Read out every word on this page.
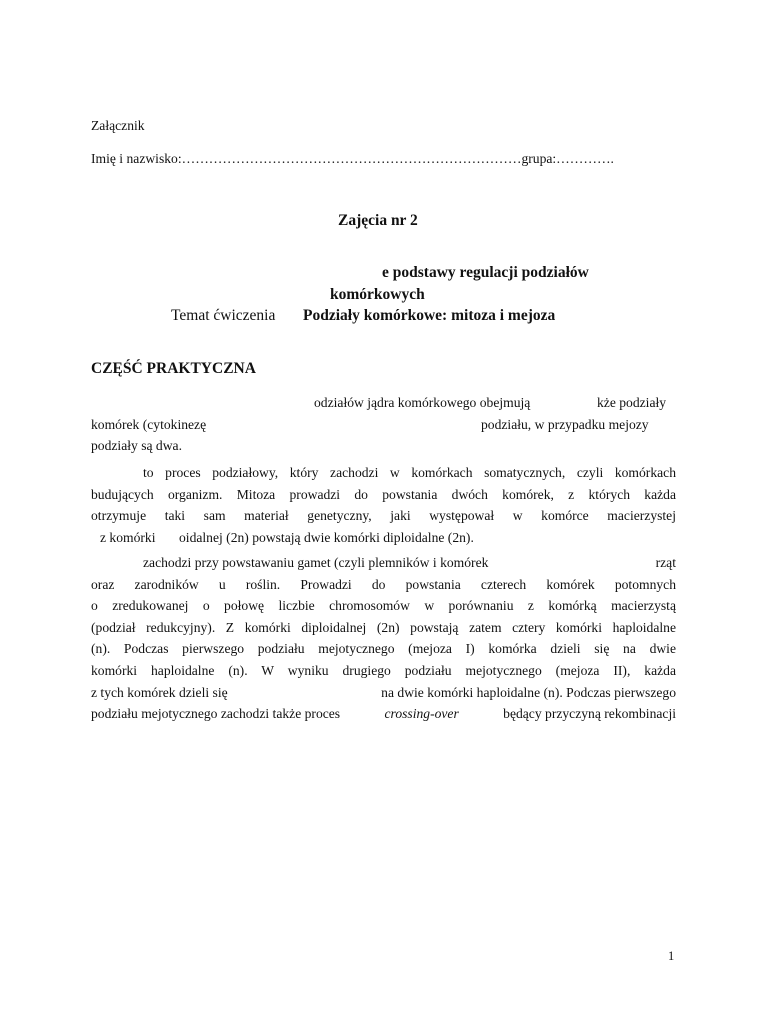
Załącznik
Imię i nazwisko:…………………………………………………………………grupa:………….
Zajęcia nr 2
e podstawy regulacji podziałów
komórkowych
Temat ćwiczenia Podziały komórkowe: mitoza i mejoza
CZĘŚĆ PRAKTYCZNA
odziałów jądra komórkowego obejmują	kże podziały
komórek (cytokinezę	podziału, w przypadku mejozy
podziały są dwa.
to proces podziałowy, który zachodzi w komórkach somatycznych, czyli komórkach
budujących organizm. Mitoza prowadzi do powstania dwóch komórek, z których każda
otrzymuje taki sam materiał genetyczny, jaki występował w komórce macierzystej
z komórki oidalnej (2n) powstają dwie komórki diploidalne (2n).
zachodzi przy powstawaniu gamet (czyli plemników i komórek	rząt
oraz zarodników u roślin. Prowadzi do powstania czterech komórek potomnych
o zredukowanej o połowę liczbie chromosomów w porównaniu z komórką macierzystą
(podział redukcyjny). Z komórki diploidalnej (2n) powstają zatem cztery komórki haploidalne
(n). Podczas pierwszego podziału mejotycznego (mejoza I) komórka dzieli się na dwie
komórki haploidalne (n). W wyniku drugiego podziału mejotycznego (mejoza II), każda
z tych komórek dzieli się	na dwie komórki haploidalne (n). Podczas pierwszego
podziału mejotycznego zachodzi także proces	crossing-over	będący przyczyną rekombinacji
1
